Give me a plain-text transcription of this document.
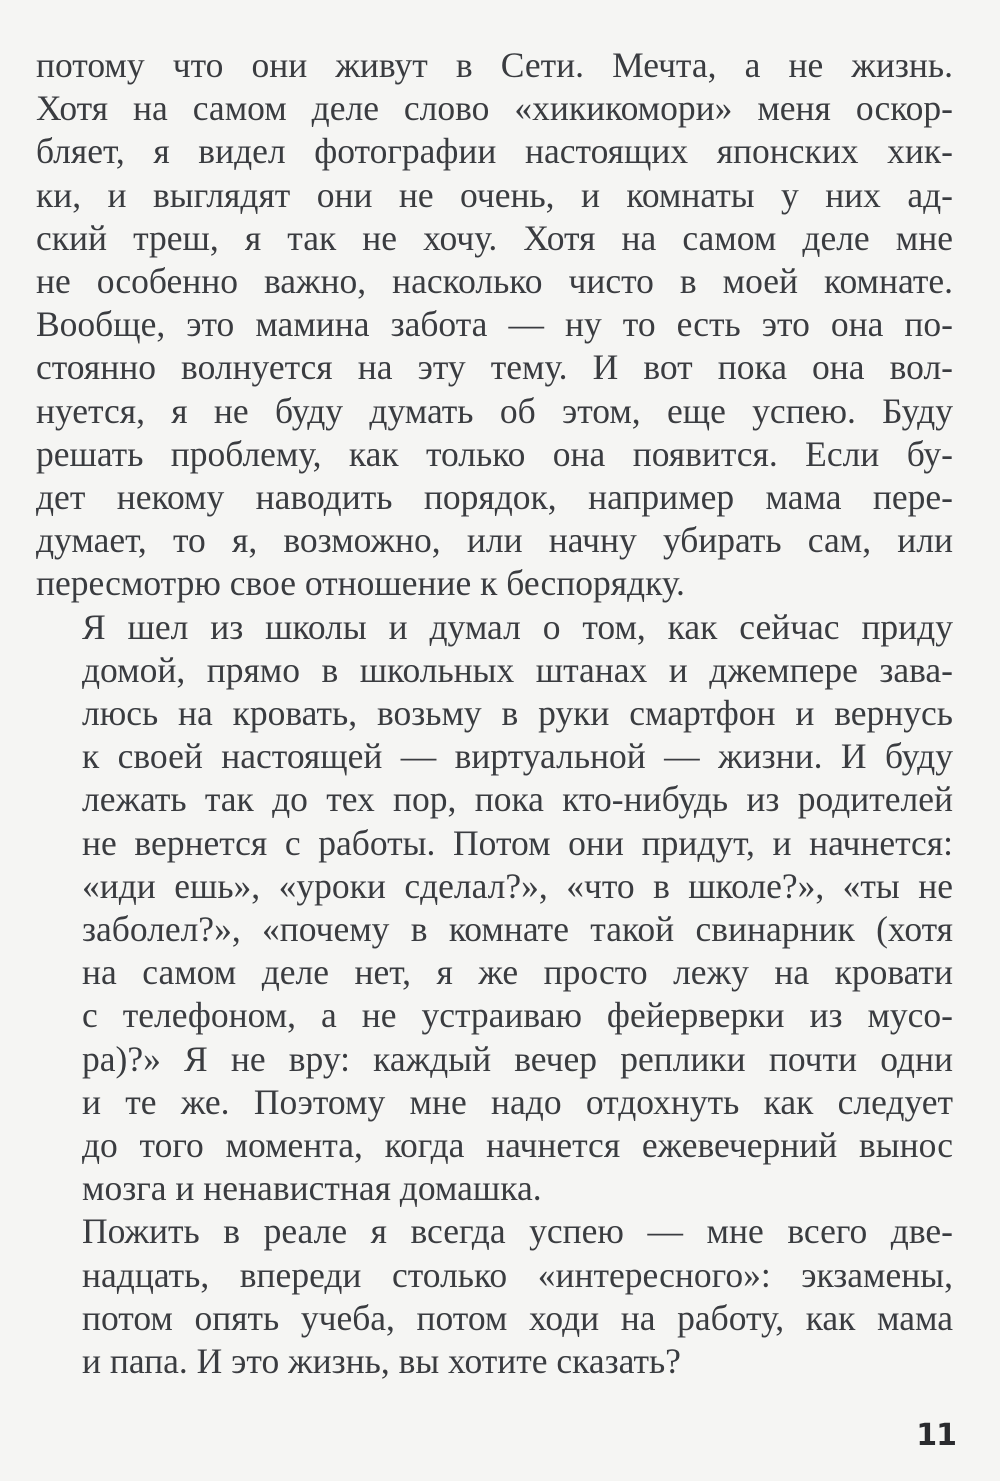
потому что они живут в Сети. Мечта, а не жизнь.
Хотя на самом деле слово «хикикомори» меня оскор-
бляет, я видел фотографии настоящих японских хик-
ки, и выглядят они не очень, и комнаты у них ад-
ский треш, я так не хочу. Хотя на самом деле мне
не особенно важно, насколько чисто в моей комнате.
Вообще, это мамина забота — ну то есть это она по-
стоянно волнуется на эту тему. И вот пока она вол-
нуется, я не буду думать об этом, еще успею. Буду
решать проблему, как только она появится. Если бу-
дет некому наводить порядок, например мама пере-
думает, то я, возможно, или начну убирать сам, или
пересмотрю свое отношение к беспорядку.
Я шел из школы и думал о том, как сейчас приду
домой, прямо в школьных штанах и джемпере зава-
люсь на кровать, возьму в руки смартфон и вернусь
к своей настоящей — виртуальной — жизни. И буду
лежать так до тех пор, пока кто-нибудь из родителей
не вернется с работы. Потом они придут, и начнется:
«иди ешь», «уроки сделал?», «что в школе?», «ты не
заболел?», «почему в комнате такой свинарник (хотя
на самом деле нет, я же просто лежу на кровати
с телефоном, а не устраиваю фейерверки из мусо-
ра)?» Я не вру: каждый вечер реплики почти одни
и те же. Поэтому мне надо отдохнуть как следует
до того момента, когда начнется ежевечерний вынос
мозга и ненавистная домашка.
Пожить в реале я всегда успею — мне всего две-
надцать, впереди столько «интересного»: экзамены,
потом опять учеба, потом ходи на работу, как мама
и папа. И это жизнь, вы хотите сказать?
11
